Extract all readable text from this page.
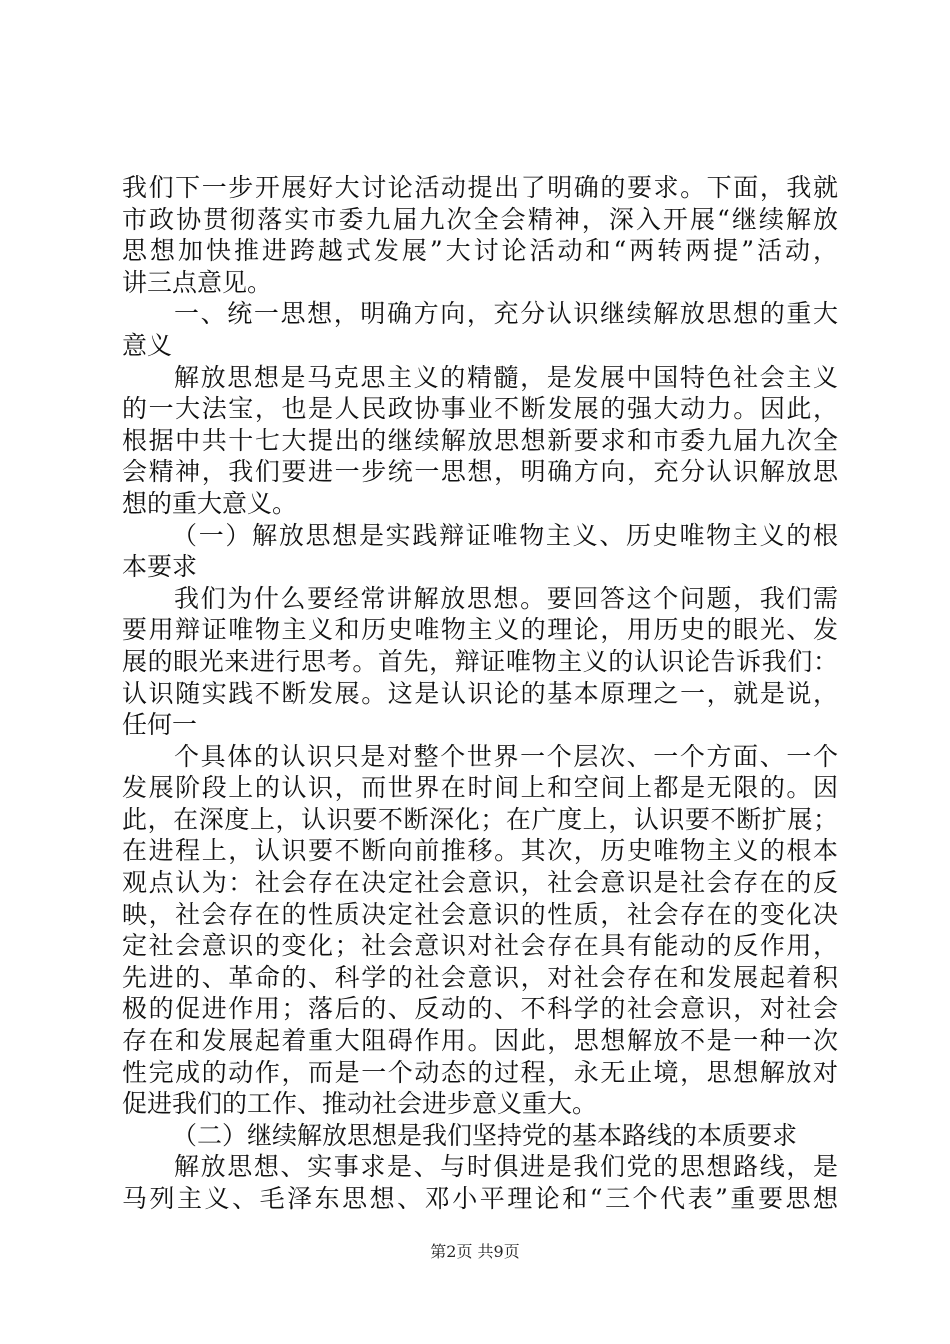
我们下一步开展好大讨论活动提出了明确的要求。下面，我就
市政协贯彻落实市委九届九次全会精神，深入开展“继续解放
思想加快推进跨越式发展”大讨论活动和“两转两提”活动，
讲三点意见。
一、统一思想，明确方向，充分认识继续解放思想的重大
意义
解放思想是马克思主义的精髓，是发展中国特色社会主义
的一大法宝，也是人民政协事业不断发展的强大动力。因此，
根据中共十七大提出的继续解放思想新要求和市委九届九次全
会精神，我们要进一步统一思想，明确方向，充分认识解放思
想的重大意义。
（一）解放思想是实践辩证唯物主义、历史唯物主义的根
本要求
我们为什么要经常讲解放思想。要回答这个问题，我们需
要用辩证唯物主义和历史唯物主义的理论，用历史的眼光、发
展的眼光来进行思考。首先，辩证唯物主义的认识论告诉我们：
认识随实践不断发展。这是认识论的基本原理之一，就是说，
任何一
个具体的认识只是对整个世界一个层次、一个方面、一个
发展阶段上的认识，而世界在时间上和空间上都是无限的。因
此，在深度上，认识要不断深化；在广度上，认识要不断扩展；
在进程上，认识要不断向前推移。其次，历史唯物主义的根本
观点认为：社会存在决定社会意识，社会意识是社会存在的反
映，社会存在的性质决定社会意识的性质，社会存在的变化决
定社会意识的变化；社会意识对社会存在具有能动的反作用，
先进的、革命的、科学的社会意识，对社会存在和发展起着积
极的促进作用；落后的、反动的、不科学的社会意识，对社会
存在和发展起着重大阻碍作用。因此，思想解放不是一种一次
性完成的动作，而是一个动态的过程，永无止境，思想解放对
促进我们的工作、推动社会进步意义重大。
（二）继续解放思想是我们坚持党的基本路线的本质要求
解放思想、实事求是、与时俱进是我们党的思想路线，是
马列主义、毛泽东思想、邓小平理论和“三个代表”重要思想
第2页 共9页
